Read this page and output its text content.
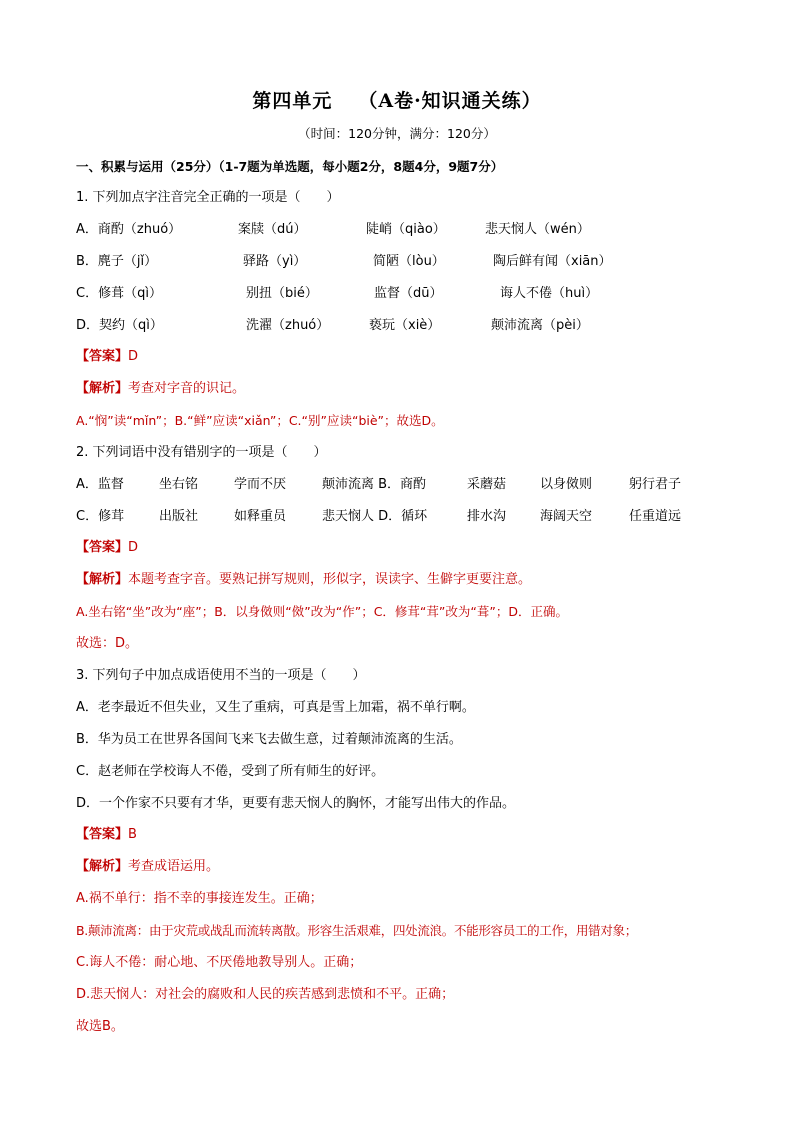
第四单元 （A卷·知识通关练）
（时间：120分钟，满分：120分）
一、积累与运用（25分）（1-7题为单选题，每小题2分，8题4分，9题7分）
1. 下列加点字注音完全正确的一项是（　　）
A．商酌（zhuó）	案牍（dú）	陡峭（qiào）	悲天悯人（wén）
B．麂子（jǐ）	驿路（yì）	简陋（lòu）	陶后鲜有闻（xiān）
C．修葺（qì）	别扭（bié）	监督（dū）	诲人不倦（huì）
D．契约（qì）	洗濯（zhuó）	亵玩（xiè）	颠沛流离（pèi）
【答案】D
【解析】考查对字音的识记。
A.“悯”读“mǐn”；B.“鲜”应读“xiǎn”；C.“别”应读“biè”；故选D。
2. 下列词语中没有错别字的一项是（　　）
A．监督	坐右铭	学而不厌	颠沛流离 B．商酌	采蘑菇	以身傚则	躬行君子
C．修茸	出版社	如释重员	悲天悯人 D．循环	排水沟	海阔天空	任重道远
【答案】D
【解析】本题考查字音。要熟记拼写规则，形似字，误读字、生僻字更要注意。
A.坐右铭“坐”改为“座”；B．以身傚则“傚”改为“作”；C．修茸“茸”改为“葺”；D．正确。
故选：D。
3. 下列句子中加点成语使用不当的一项是（　　）
A．老李最近不但失业，又生了重病，可真是雪上加霜，祸不单行啊。
B．华为员工在世界各国间飞来飞去做生意，过着颠沛流离的生活。
C．赵老师在学校诲人不倦，受到了所有师生的好评。
D．一个作家不只要有才华，更要有悲天悯人的胸怀，才能写出伟大的作品。
【答案】B
【解析】考查成语运用。
A.祸不单行：指不幸的事接连发生。正确；
B.颠沛流离：由于灾荒或战乱而流转离散。形容生活艰难，四处流浪。不能形容员工的工作，用错对象；
C.诲人不倦：耐心地、不厌倦地教导别人。正确；
D.悲天悯人：对社会的腐败和人民的疾苦感到悲愤和不平。正确；
故选B。
